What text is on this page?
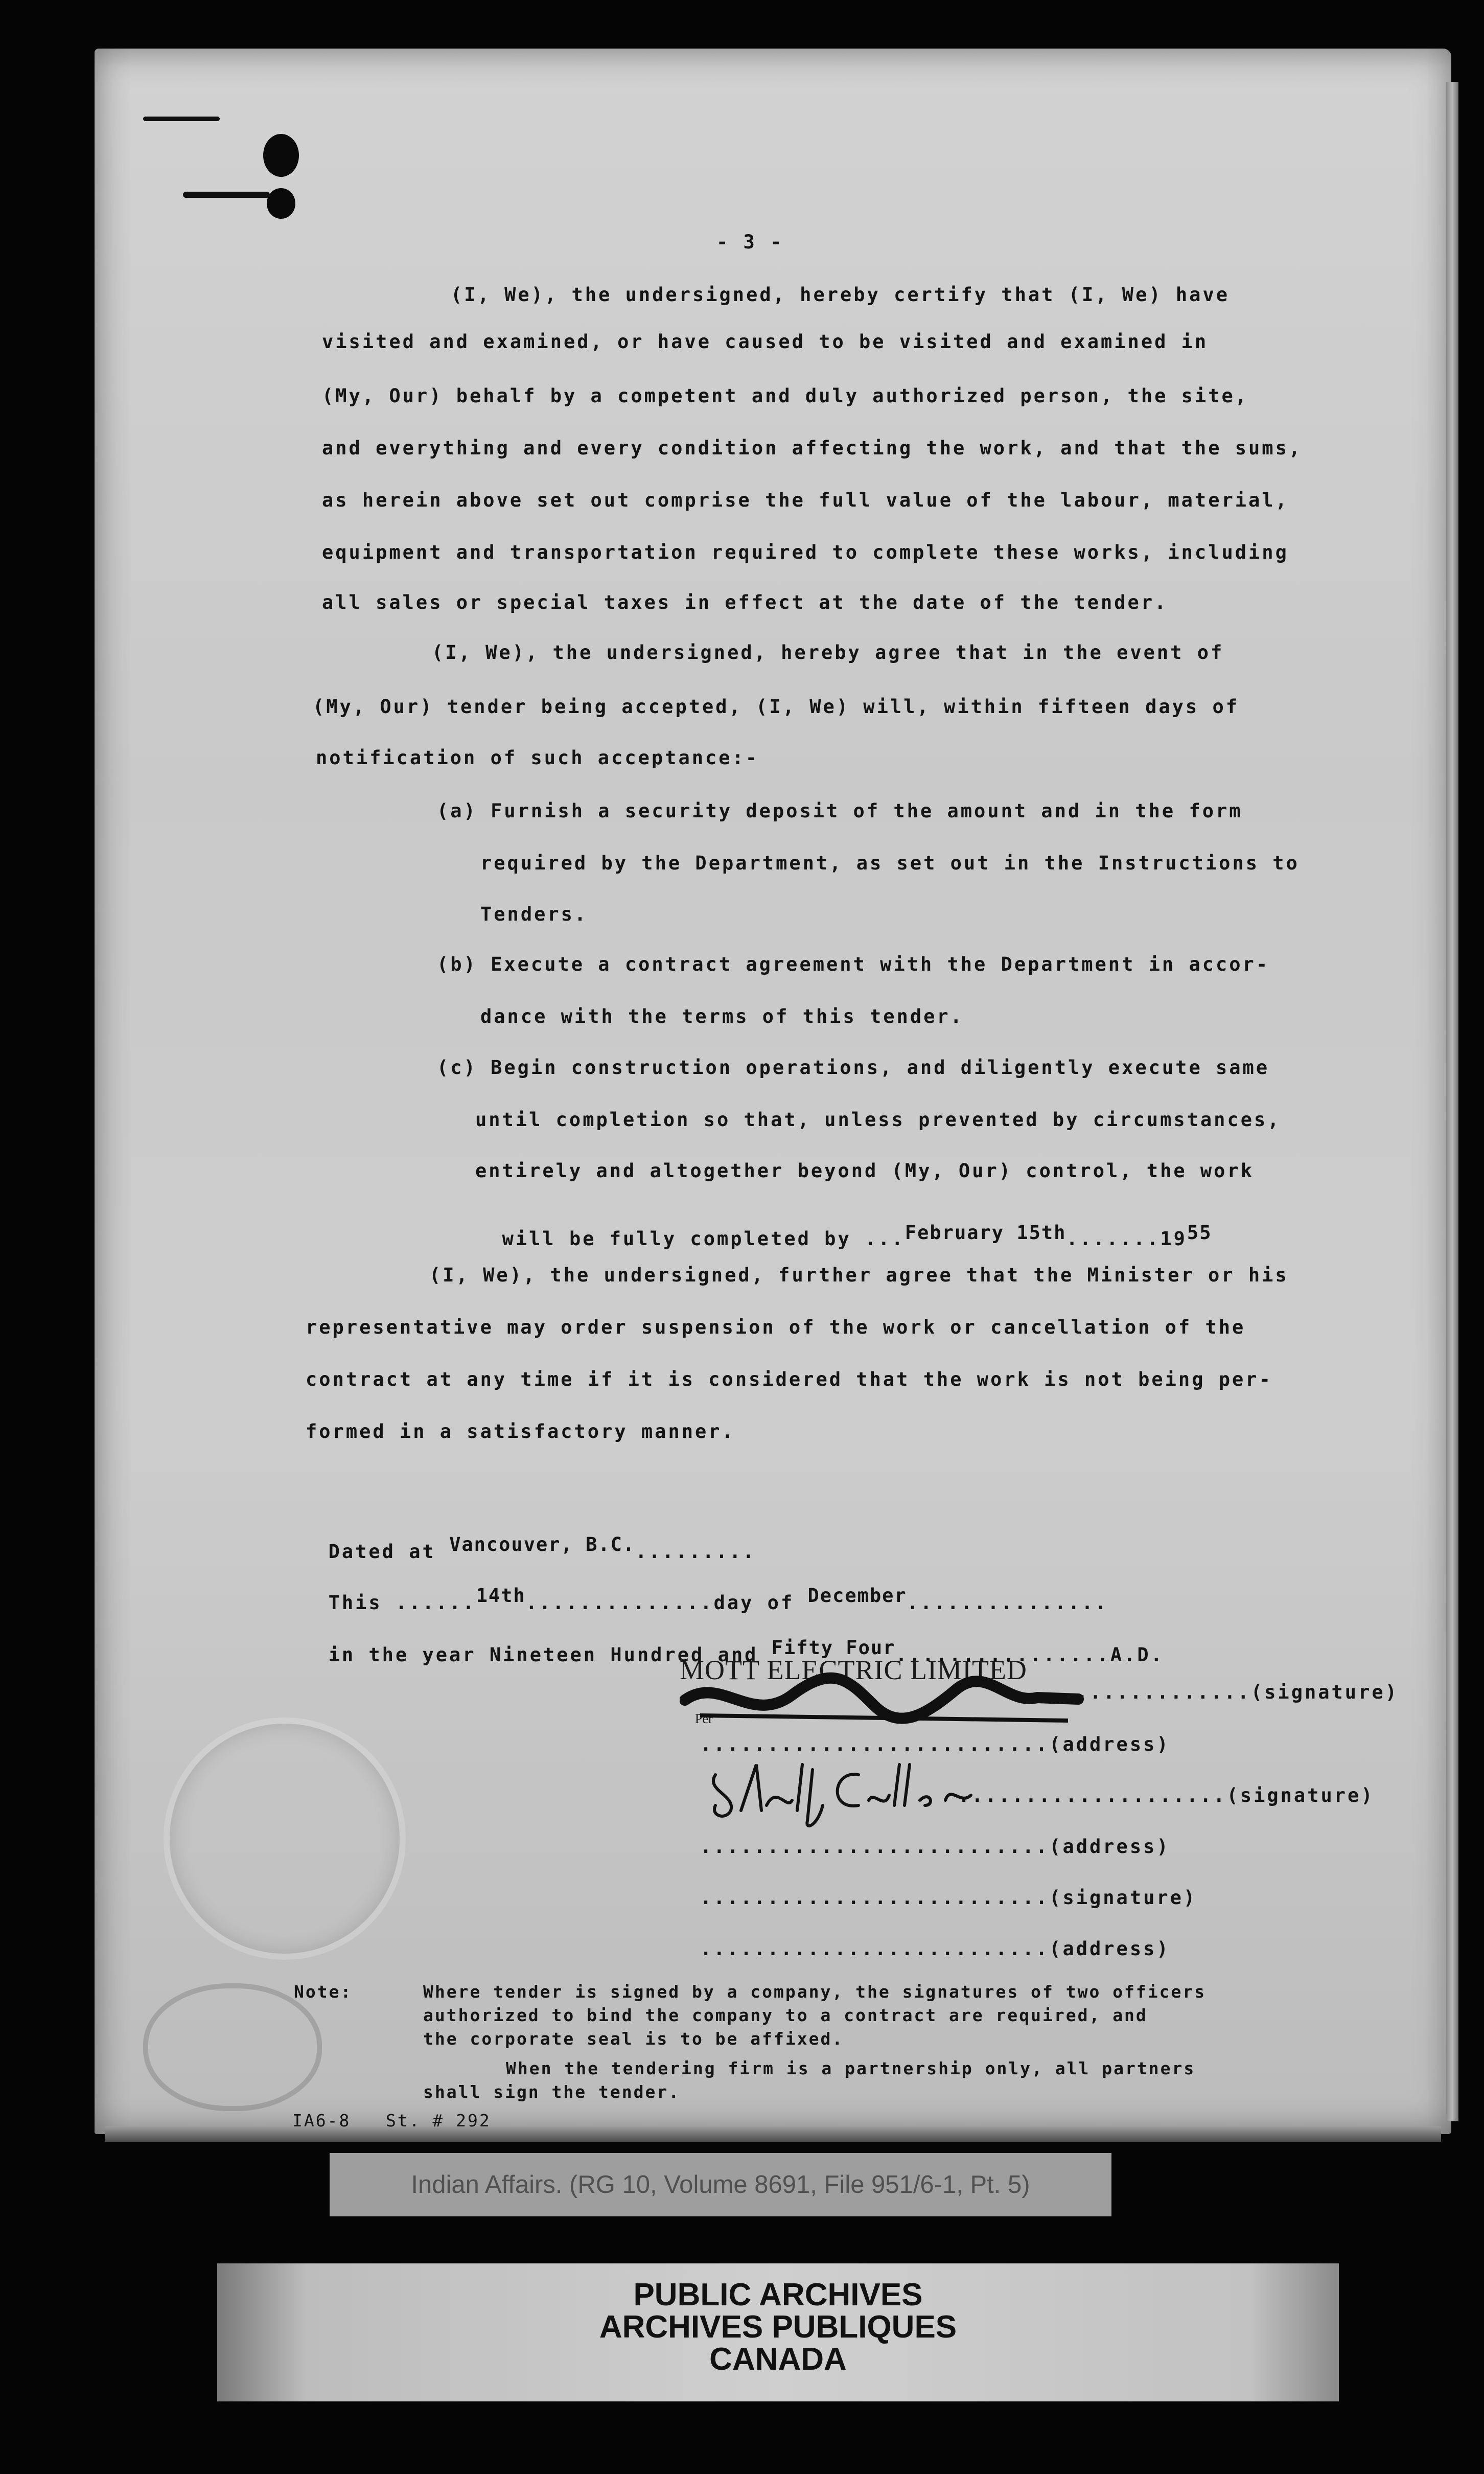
- 3 -
(I, We), the undersigned, hereby certify that (I, We) have
visited and examined, or have caused to be visited and examined in
(My, Our) behalf by a competent and duly authorized person, the site,
and everything and every condition affecting the work, and that the sums,
as herein above set out comprise the full value of the labour, material,
equipment and transportation required to complete these works, including
all sales or special taxes in effect at the date of the tender.
(I, We), the undersigned, hereby agree that in the event of
(My, Our) tender being accepted, (I, We) will, within fifteen days of
notification of such acceptance:-
(a) Furnish a security deposit of the amount and in the form
required by the Department, as set out in the Instructions to
Tenders.
(b) Execute a contract agreement with the Department in accor-
dance with the terms of this tender.
(c) Begin construction operations, and diligently execute same
until completion so that, unless prevented by circumstances,
entirely and altogether beyond (My, Our) control, the work

will be fully completed by ...February 15th.......1955

(I, We), the undersigned, further agree that the Minister or his
representative may order suspension of the work or cancellation of the
contract at any time if it is considered that the work is not being per-
formed in a satisfactory manner.

Dated at Vancouver, B.C..........

This ......14th..............day of December...............

in the year Nineteen Hundred and Fifty Four................A.D.

MOTT ELECTRIC LIMITED
Per
..............(signature)
..........................(address)
....................(signature)
..........................(address)
..........................(signature)
..........................(address)
Note:	Where tender is signed by a company, the signatures of two officers
authorized to bind the company to a contract are required, and
the corporate seal is to be affixed.
When the tendering firm is a partnership only, all partners
shall sign the tender.
IA6-8   St. # 292
Indian Affairs. (RG 10, Volume 8691, File 951/6-1, Pt. 5)
PUBLIC ARCHIVES
ARCHIVES PUBLIQUES
CANADA
